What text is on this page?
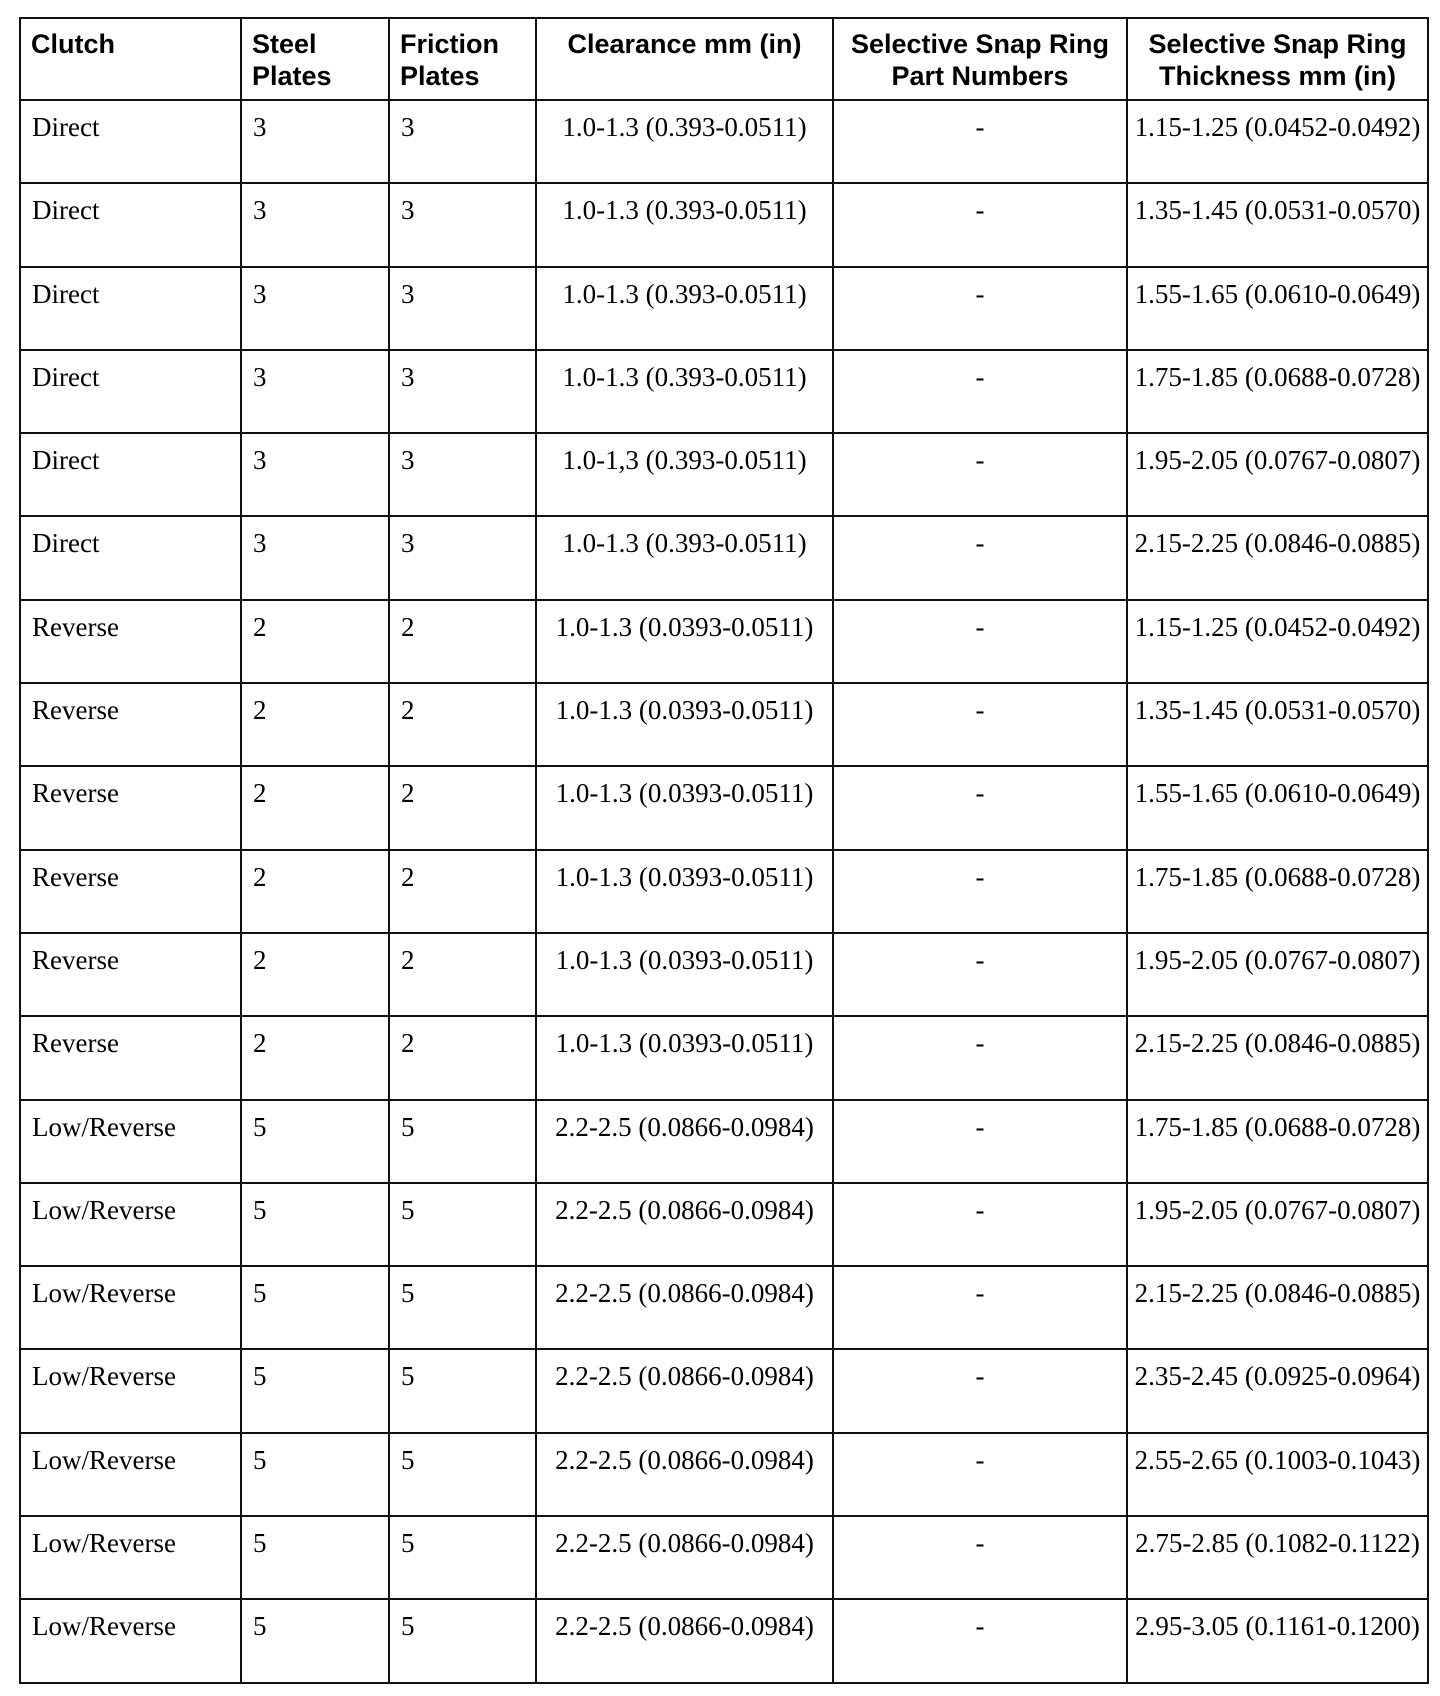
Clutch	Steel Plates	Friction Plates	Clearance mm (in)	Selective Snap Ring Part Numbers	Selective Snap Ring Thickness mm (in)
Direct	3	3	1.0-1.3 (0.393-0.0511)	-	1.15-1.25 (0.0452-0.0492)
Direct	3	3	1.0-1.3 (0.393-0.0511)	-	1.35-1.45 (0.0531-0.0570)
Direct	3	3	1.0-1.3 (0.393-0.0511)	-	1.55-1.65 (0.0610-0.0649)
Direct	3	3	1.0-1.3 (0.393-0.0511)	-	1.75-1.85 (0.0688-0.0728)
Direct	3	3	1.0-1,3 (0.393-0.0511)	-	1.95-2.05 (0.0767-0.0807)
Direct	3	3	1.0-1.3 (0.393-0.0511)	-	2.15-2.25 (0.0846-0.0885)
Reverse	2	2	1.0-1.3 (0.0393-0.0511)	-	1.15-1.25 (0.0452-0.0492)
Reverse	2	2	1.0-1.3 (0.0393-0.0511)	-	1.35-1.45 (0.0531-0.0570)
Reverse	2	2	1.0-1.3 (0.0393-0.0511)	-	1.55-1.65 (0.0610-0.0649)
Reverse	2	2	1.0-1.3 (0.0393-0.0511)	-	1.75-1.85 (0.0688-0.0728)
Reverse	2	2	1.0-1.3 (0.0393-0.0511)	-	1.95-2.05 (0.0767-0.0807)
Reverse	2	2	1.0-1.3 (0.0393-0.0511)	-	2.15-2.25 (0.0846-0.0885)
Low/Reverse	5	5	2.2-2.5 (0.0866-0.0984)	-	1.75-1.85 (0.0688-0.0728)
Low/Reverse	5	5	2.2-2.5 (0.0866-0.0984)	-	1.95-2.05 (0.0767-0.0807)
Low/Reverse	5	5	2.2-2.5 (0.0866-0.0984)	-	2.15-2.25 (0.0846-0.0885)
Low/Reverse	5	5	2.2-2.5 (0.0866-0.0984)	-	2.35-2.45 (0.0925-0.0964)
Low/Reverse	5	5	2.2-2.5 (0.0866-0.0984)	-	2.55-2.65 (0.1003-0.1043)
Low/Reverse	5	5	2.2-2.5 (0.0866-0.0984)	-	2.75-2.85 (0.1082-0.1122)
Low/Reverse	5	5	2.2-2.5 (0.0866-0.0984)	-	2.95-3.05 (0.1161-0.1200)
